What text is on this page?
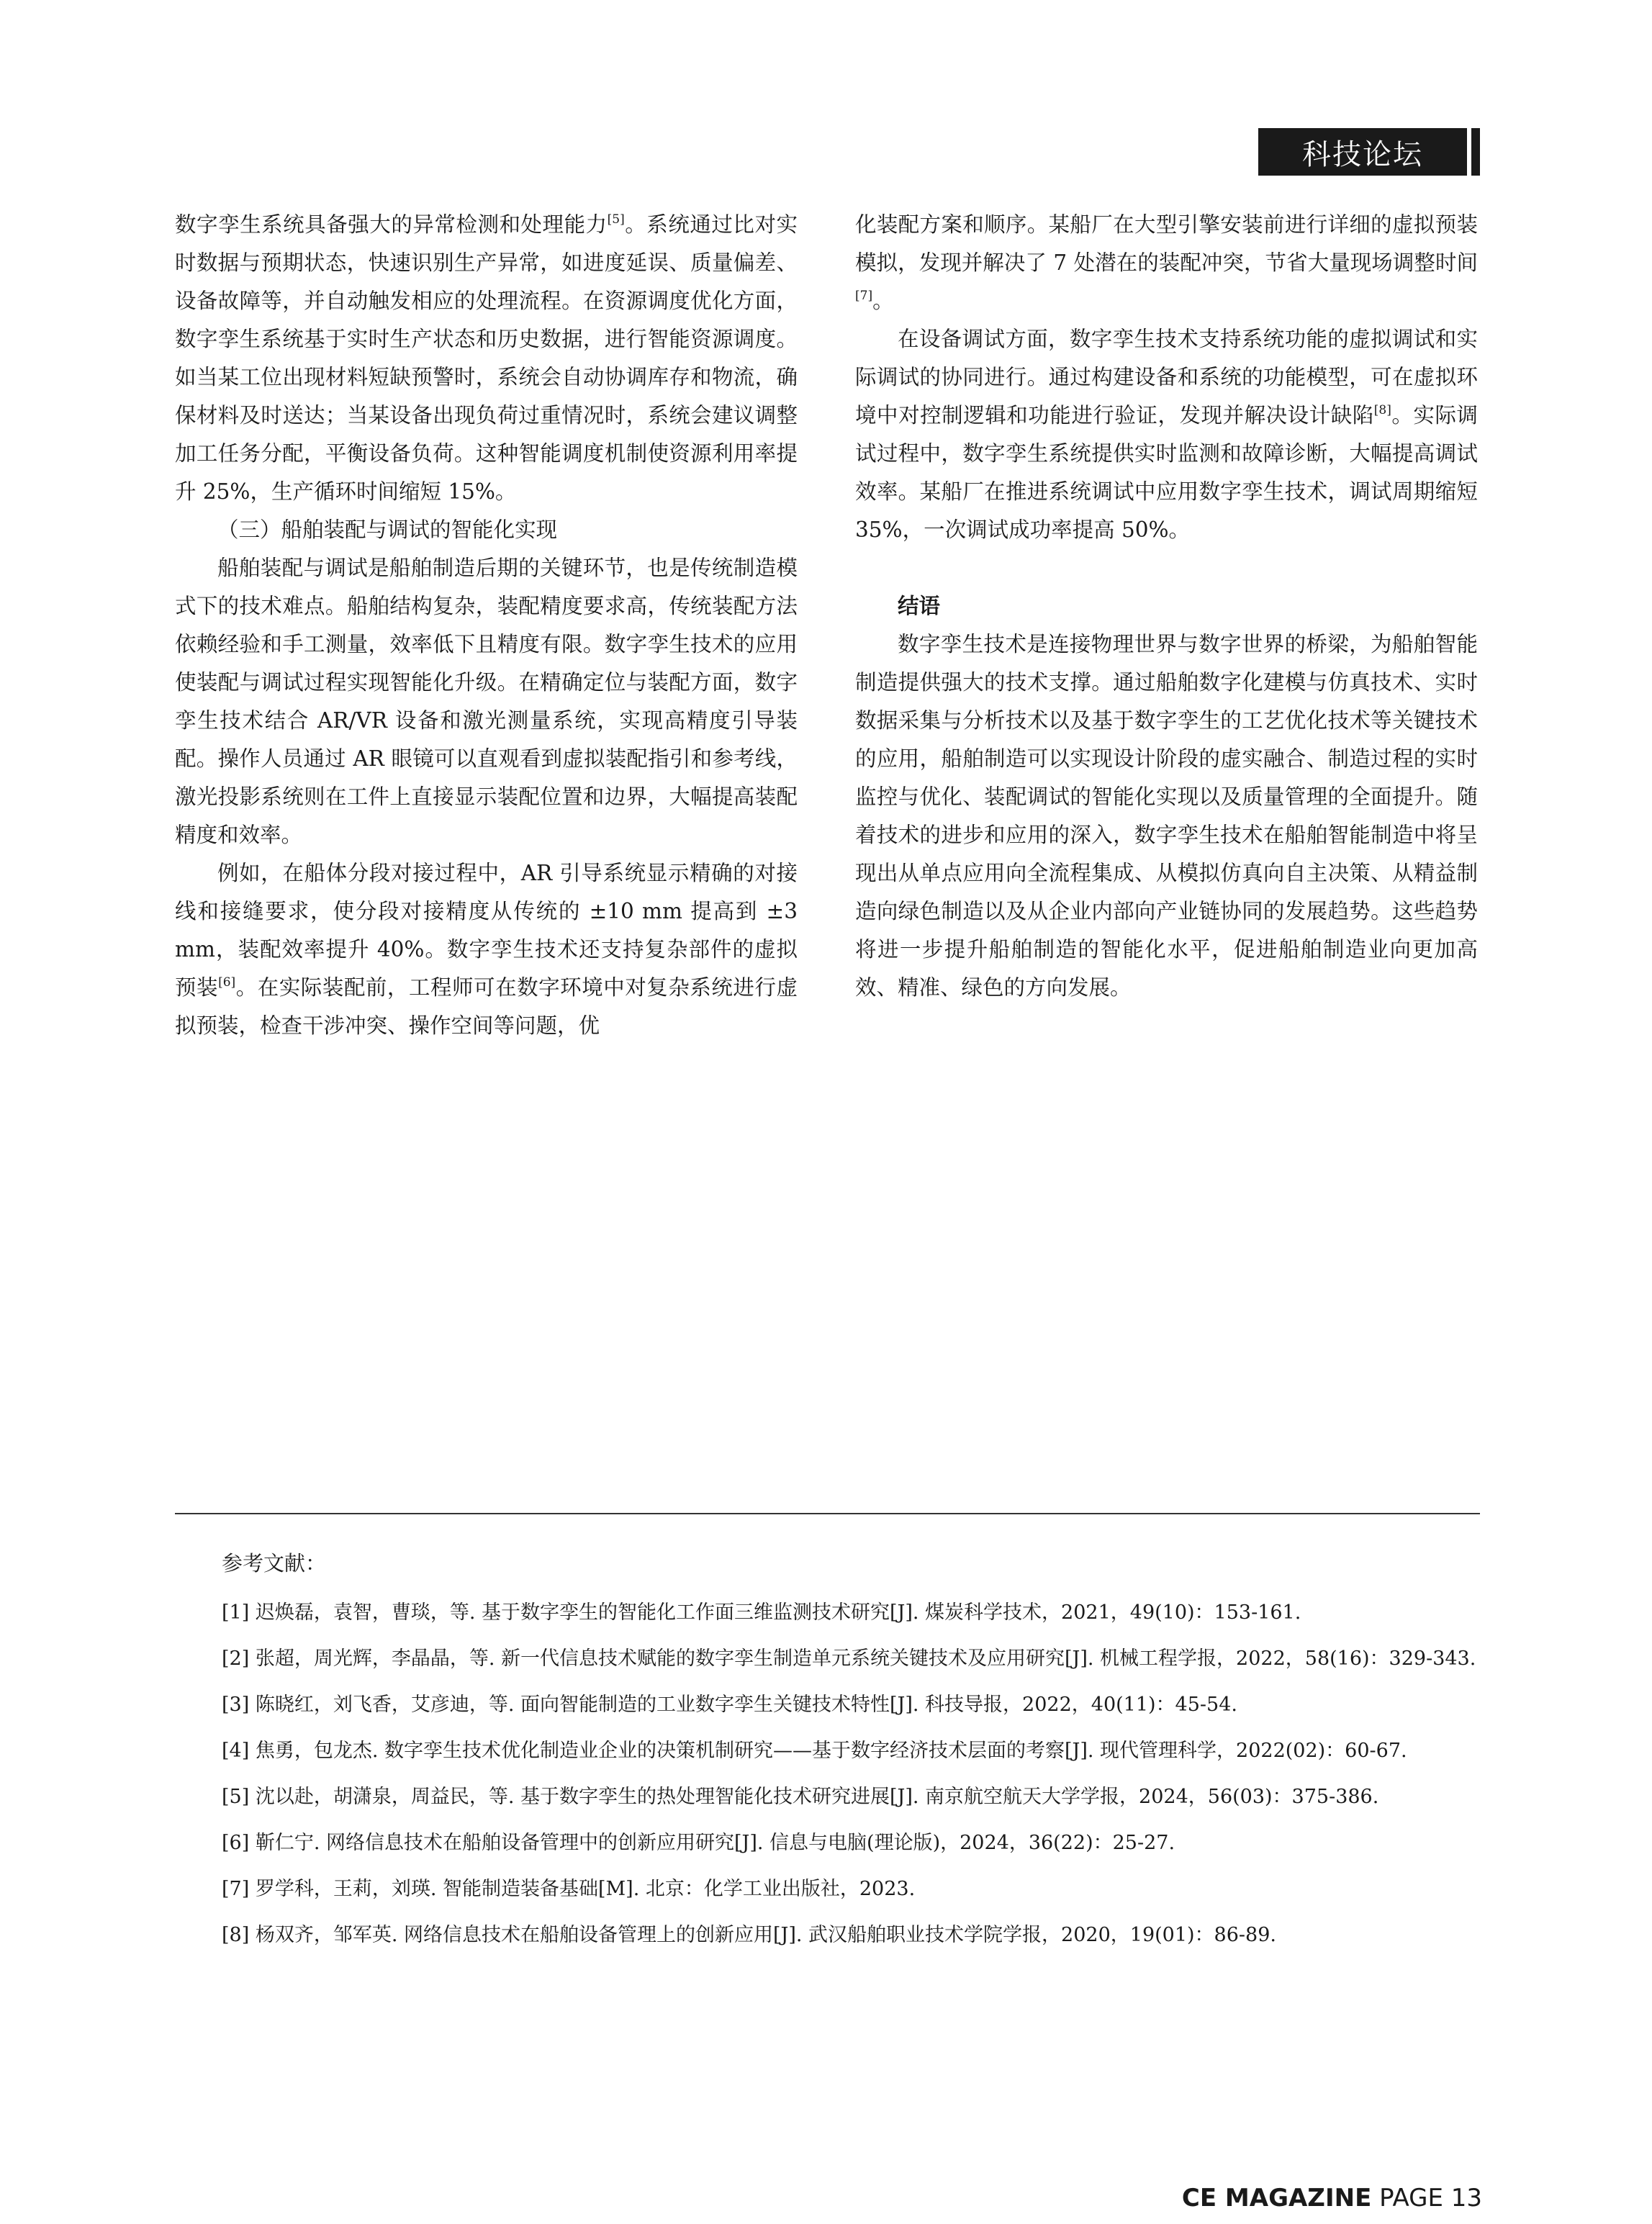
科技论坛

数字孪生系统具备强大的异常检测和处理能力[5]。系统通过比对实时数据与预期状态，快速识别生产异常，如进度延误、质量偏差、设备故障等，并自动触发相应的处理流程。在资源调度优化方面，数字孪生系统基于实时生产状态和历史数据，进行智能资源调度。如当某工位出现材料短缺预警时，系统会自动协调库存和物流，确保材料及时送达；当某设备出现负荷过重情况时，系统会建议调整加工任务分配，平衡设备负荷。这种智能调度机制使资源利用率提升 25%，生产循环时间缩短 15%。

（三）船舶装配与调试的智能化实现

船舶装配与调试是船舶制造后期的关键环节，也是传统制造模式下的技术难点。船舶结构复杂，装配精度要求高，传统装配方法依赖经验和手工测量，效率低下且精度有限。数字孪生技术的应用使装配与调试过程实现智能化升级。在精确定位与装配方面，数字孪生技术结合 AR/VR 设备和激光测量系统，实现高精度引导装配。操作人员通过 AR 眼镜可以直观看到虚拟装配指引和参考线，激光投影系统则在工件上直接显示装配位置和边界，大幅提高装配精度和效率。

例如，在船体分段对接过程中，AR 引导系统显示精确的对接线和接缝要求，使分段对接精度从传统的 ±10 mm 提高到 ±3 mm，装配效率提升 40%。数字孪生技术还支持复杂部件的虚拟预装[6]。在实际装配前，工程师可在数字环境中对复杂系统进行虚拟预装，检查干涉冲突、操作空间等问题，优

化装配方案和顺序。某船厂在大型引擎安装前进行详细的虚拟预装模拟，发现并解决了 7 处潜在的装配冲突，节省大量现场调整时间[7]。

在设备调试方面，数字孪生技术支持系统功能的虚拟调试和实际调试的协同进行。通过构建设备和系统的功能模型，可在虚拟环境中对控制逻辑和功能进行验证，发现并解决设计缺陷[8]。实际调试过程中，数字孪生系统提供实时监测和故障诊断，大幅提高调试效率。某船厂在推进系统调试中应用数字孪生技术，调试周期缩短 35%，一次调试成功率提高 50%。

结语

数字孪生技术是连接物理世界与数字世界的桥梁，为船舶智能制造提供强大的技术支撑。通过船舶数字化建模与仿真技术、实时数据采集与分析技术以及基于数字孪生的工艺优化技术等关键技术的应用，船舶制造可以实现设计阶段的虚实融合、制造过程的实时监控与优化、装配调试的智能化实现以及质量管理的全面提升。随着技术的进步和应用的深入，数字孪生技术在船舶智能制造中将呈现出从单点应用向全流程集成、从模拟仿真向自主决策、从精益制造向绿色制造以及从企业内部向产业链协同的发展趋势。这些趋势将进一步提升船舶制造的智能化水平，促进船舶制造业向更加高效、精准、绿色的方向发展。

参考文献：

[1] 迟焕磊，袁智，曹琰，等. 基于数字孪生的智能化工作面三维监测技术研究[J]. 煤炭科学技术，2021，49(10)：153-161.

[2] 张超，周光辉，李晶晶，等. 新一代信息技术赋能的数字孪生制造单元系统关键技术及应用研究[J]. 机械工程学报，2022，58(16)：329-343.

[3] 陈晓红，刘飞香，艾彦迪，等. 面向智能制造的工业数字孪生关键技术特性[J]. 科技导报，2022，40(11)：45-54.

[4] 焦勇，包龙杰. 数字孪生技术优化制造业企业的决策机制研究——基于数字经济技术层面的考察[J]. 现代管理科学，2022(02)：60-67.

[5] 沈以赴，胡潇泉，周益民，等. 基于数字孪生的热处理智能化技术研究进展[J]. 南京航空航天大学学报，2024，56(03)：375-386.

[6] 靳仁宁. 网络信息技术在船舶设备管理中的创新应用研究[J]. 信息与电脑(理论版)，2024，36(22)：25-27.

[7] 罗学科，王莉，刘瑛. 智能制造装备基础[M]. 北京：化学工业出版社，2023.

[8] 杨双齐，邹军英. 网络信息技术在船舶设备管理上的创新应用[J]. 武汉船舶职业技术学院学报，2020，19(01)：86-89.

CE MAGAZINE PAGE 13
